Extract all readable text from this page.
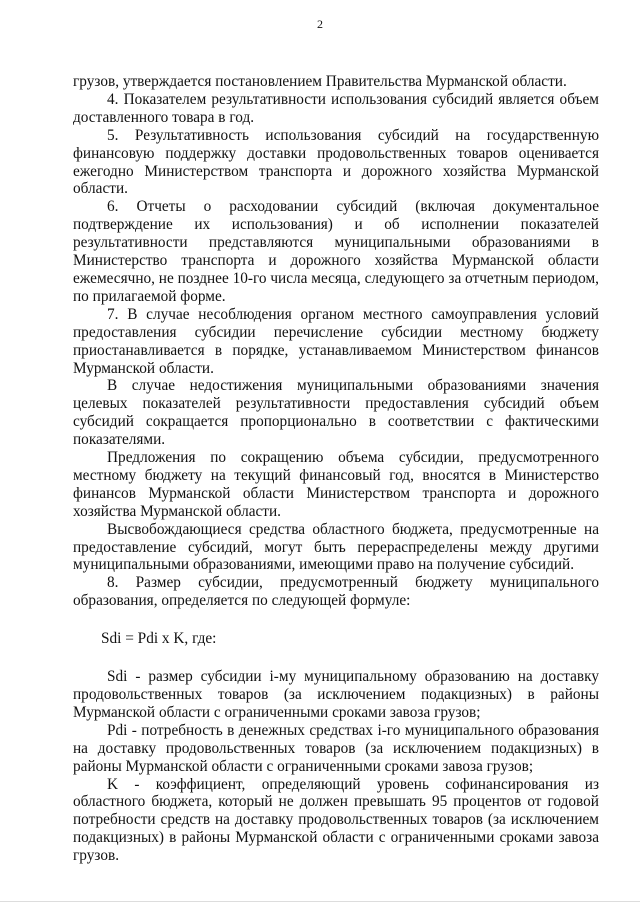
2

грузов, утверждается постановлением Правительства Мурманской области.

4. Показателем результативности использования субсидий является объем доставленного товара в год.

5. Результативность использования субсидий на государственную финансовую поддержку доставки продовольственных товаров оценивается ежегодно Министерством транспорта и дорожного хозяйства Мурманской области.

6. Отчеты о расходовании субсидий (включая документальное подтверждение их использования) и об исполнении показателей результативности представляются муниципальными образованиями в Министерство транспорта и дорожного хозяйства Мурманской области ежемесячно, не позднее 10-го числа месяца, следующего за отчетным периодом, по прилагаемой форме.

7. В случае несоблюдения органом местного самоуправления условий предоставления субсидии перечисление субсидии местному бюджету приостанавливается в порядке, устанавливаемом Министерством финансов Мурманской области.

В случае недостижения муниципальными образованиями значения целевых показателей результативности предоставления субсидий объем субсидий сокращается пропорционально в соответствии с фактическими показателями.

Предложения по сокращению объема субсидии, предусмотренного местному бюджету на текущий финансовый год, вносятся в Министерство финансов Мурманской области Министерством транспорта и дорожного хозяйства Мурманской области.

Высвобождающиеся средства областного бюджета, предусмотренные на предоставление субсидий, могут быть перераспределены между другими муниципальными образованиями, имеющими право на получение субсидий.

8. Размер субсидии, предусмотренный бюджету муниципального образования, определяется по следующей формуле:

Sdi = Pdi x K, где:

Sdi - размер субсидии i-му муниципальному образованию на доставку продовольственных товаров (за исключением подакцизных) в районы Мурманской области с ограниченными сроками завоза грузов;

Pdi - потребность в денежных средствах i-го муниципального образования на доставку продовольственных товаров (за исключением подакцизных) в районы Мурманской области с ограниченными сроками завоза грузов;

K - коэффициент, определяющий уровень софинансирования из областного бюджета, который не должен превышать 95 процентов от годовой потребности средств на доставку продовольственных товаров (за исключением подакцизных) в районы Мурманской области с ограниченными сроками завоза грузов.
